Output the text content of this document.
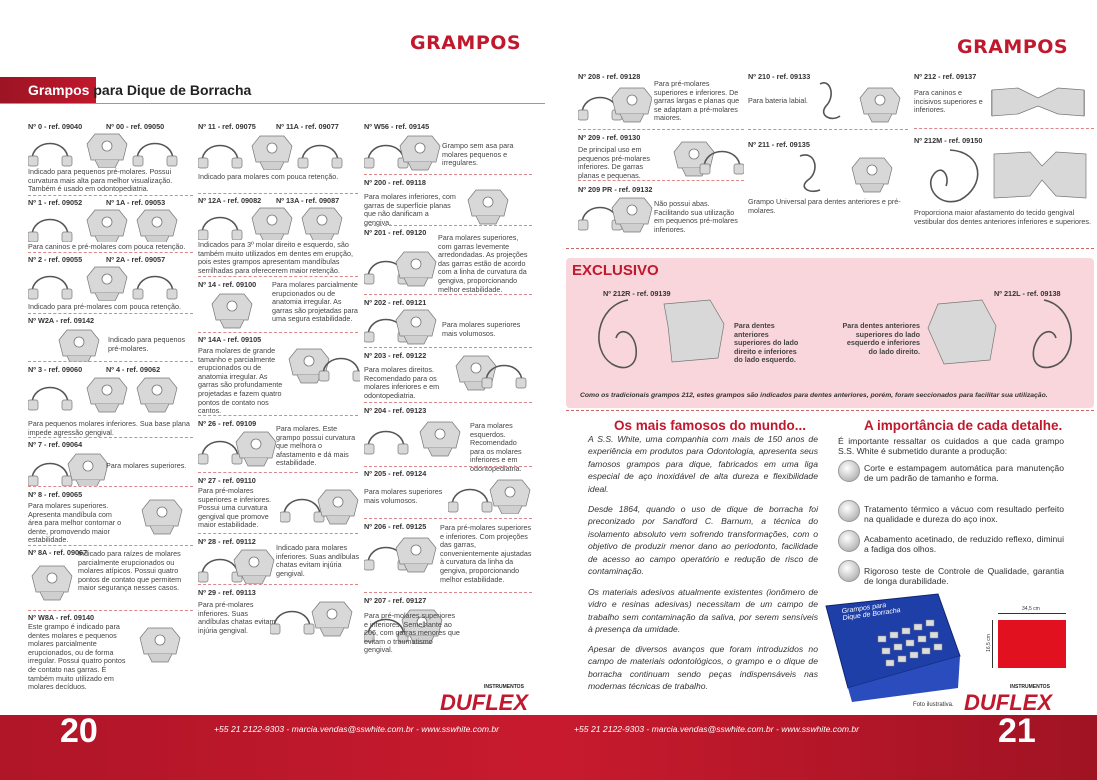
GRAMPOS	GRAMPOS
Grampos para Dique de Borracha
Nº 0 - ref. 09040	Nº 00 - ref. 09050
Indicado para pequenos pré-molares. Possui curvatura mais alta para melhor visualização. Também é usado em odontopediatria.
Nº 1 - ref. 09052	Nº 1A - ref. 09053
Para caninos e pré-molares com pouca retenção.
Nº 2 - ref. 09055	Nº 2A - ref. 09057
Indicado para pré-molares com pouca retenção.
Nº W2A - ref. 09142
Indicado para pequenos pré-molares.
Nº 3 - ref. 09060	Nº 4 - ref. 09062
Para pequenos molares inferiores. Sua base plana impede agressão gengival.
Nº 7 - ref. 09064
Para molares superiores.
Nº 8 - ref. 09065
Para molares superiores. Apresenta mandíbula com área para melhor contornar o dente, promovendo maior estabilidade.
Nº 8A - ref. 09067
Indicado para raízes de molares parcialmente erupcionados ou molares atípicos. Possui quatro pontos de contato que permitem maior segurança nesses casos.
Nº W8A - ref. 09140
Este grampo é indicado para dentes molares e pequenos molares parcialmente erupcionados, ou de forma irregular. Possui quatro pontos de contato nas garras. É também muito utilizado em molares decíduos.
Nº 11 - ref. 09075	Nº 11A - ref. 09077
Indicado para molares com pouca retenção.
Nº 12A - ref. 09082 Nº 13A - ref. 09087
Indicados para 3º molar direito e esquerdo, são também muito utilizados em dentes em erupção, pois estes grampos apresentam mandíbulas serrilhadas para oferecerem maior retenção.
Nº 14 - ref. 09100 Para molares parcialmente erupcionados ou de anatomia irregular. As garras são projetadas para uma segura estabilidade.
Nº 14A - ref. 09105
Para molares de grande tamanho e parcialmente erupcionados ou de anatomia irregular. As garras são profundamente projetadas e fazem quatro pontos de contato nos cantos.
Nº 26 - ref. 09109
Para molares. Este grampo possui curvatura que melhora o afastamento e dá mais estabilidade.
Nº 27 - ref. 09110
Para pré-molares superiores e inferiores. Possui uma curvatura gengival que promove maior estabilidade.
Nº 28 - ref. 09112
Indicado para molares inferiores. Suas andíbulas chatas evitam injúria gengival.
Nº 29 - ref. 09113
Para pré-molares inferiores. Suas andíbulas chatas evitam injúria gengival.
Nº W56 - ref. 09145
Grampo sem asa para molares pequenos e irregulares.
Nº 200 - ref. 09118
Para molares inferiores, com garras de superfície planas que não danificam a gengiva.
Nº 201 - ref. 09120
Para molares superiores, com garras levemente arredondadas. As projeções das garras estão de acordo com a linha de curvatura da gengiva, proporcionando melhor estabilidade.
Nº 202 - ref. 09121
Para molares superiores mais volumosos.
Nº 203 - ref. 09122
Para molares direitos. Recomendado para os molares inferiores e em odontopediatria.
Nº 204 - ref. 09123
Para molares esquerdos. Recomendado para os molares inferiores e em odontopediatria.
Nº 205 - ref. 09124
Para molares superiores mais volumosos.
Nº 206 - ref. 09125 Para pré-molares superiores e inferiores. Com projeções das garras, convenientemente ajustadas à curvatura da linha da gengiva, proporcionando melhor estabilidade.
Nº 207 - ref. 09127
Para pré-molares superiores e inferiores. Semelhante ao 206, com garras menores que evitam o traumatismo gengival.
DUFLEX
INSTRUMENTOS
Nº 208 - ref. 09128
Para pré-molares superiores e inferiores. De garras largas e planas que se adaptam a pré-molares maiores.
Nº 209 - ref. 09130
De principal uso em pequenos pré-molares inferiores. De garras planas e pequenas.
Nº 209 PR - ref. 09132
Não possui abas. Facilitando sua utilização em pequenos pré-molares inferiores.
Nº 210 - ref. 09133
Para bateria labial.
Nº 211 - ref. 09135
Grampo Universal para dentes anteriores e pré-molares.
Nº 212 - ref. 09137
Para caninos e incisivos superiores e inferiores.
Nº 212M - ref. 09150
Proporciona maior afastamento do tecido gengival vestibular dos dentes anteriores inferiores e superiores.
EXCLUSIVO
Nº 212R - ref. 09139
Para dentes anteriores superiores do lado direito e inferiores do lado esquerdo.
Nº 212L - ref. 09138
Para dentes anteriores superiores do lado esquerdo e inferiores do lado direito.
Como os tradicionais grampos 212, estes grampos são indicados para dentes anteriores, porém, foram seccionados para facilitar sua utilização.
Os mais famosos do mundo...
A S.S. White, uma companhia com mais de 150 anos de experiência em produtos para Odontologia, apresenta seus famosos grampos para dique, fabricados em uma liga especial de aço inoxidável de alta dureza e flexibilidade ideal.
Desde 1864, quando o uso de dique de borracha foi preconizado por Sandford C. Barnum, a técnica do isolamento absoluto vem sofrendo transformações, com o objetivo de produzir menor dano ao periodonto, facilidade de acesso ao campo operatório e redução de risco de contaminação.
Os materiais adesivos atualmente existentes (ionômero de vidro e resinas adesivas) necessitam de um campo de trabalho sem contaminação da saliva, por serem sensíveis à presença da umidade.
Apesar de diversos avanços que foram introduzidos no campo de materiais odontológicos, o grampo e o dique de borracha continuam sendo peças indispensáveis nas modernas técnicas de trabalho.
A importância de cada detalhe.
É importante ressaltar os cuidados a que cada grampo S.S. White é submetido durante a produção:
Corte e estampagem automática para manutenção de um padrão de tamanho e forma.
Tratamento térmico a vácuo com resultado perfeito na qualidade e dureza do aço inox.
Acabamento acetinado, de reduzido reflexo, diminui a fadiga dos olhos.
Rigoroso teste de Controle de Qualidade, garantia de longa durabilidade.
Grampos para Dique de Borracha
Foto ilustrativa.
34,5 cm
16,5 cm
DUFLEX
INSTRUMENTOS
20	21
+55 21 2122-9303 - marcia.vendas@sswhite.com.br - www.sswhite.com.br	+55 21 2122-9303 - marcia.vendas@sswhite.com.br - www.sswhite.com.br
